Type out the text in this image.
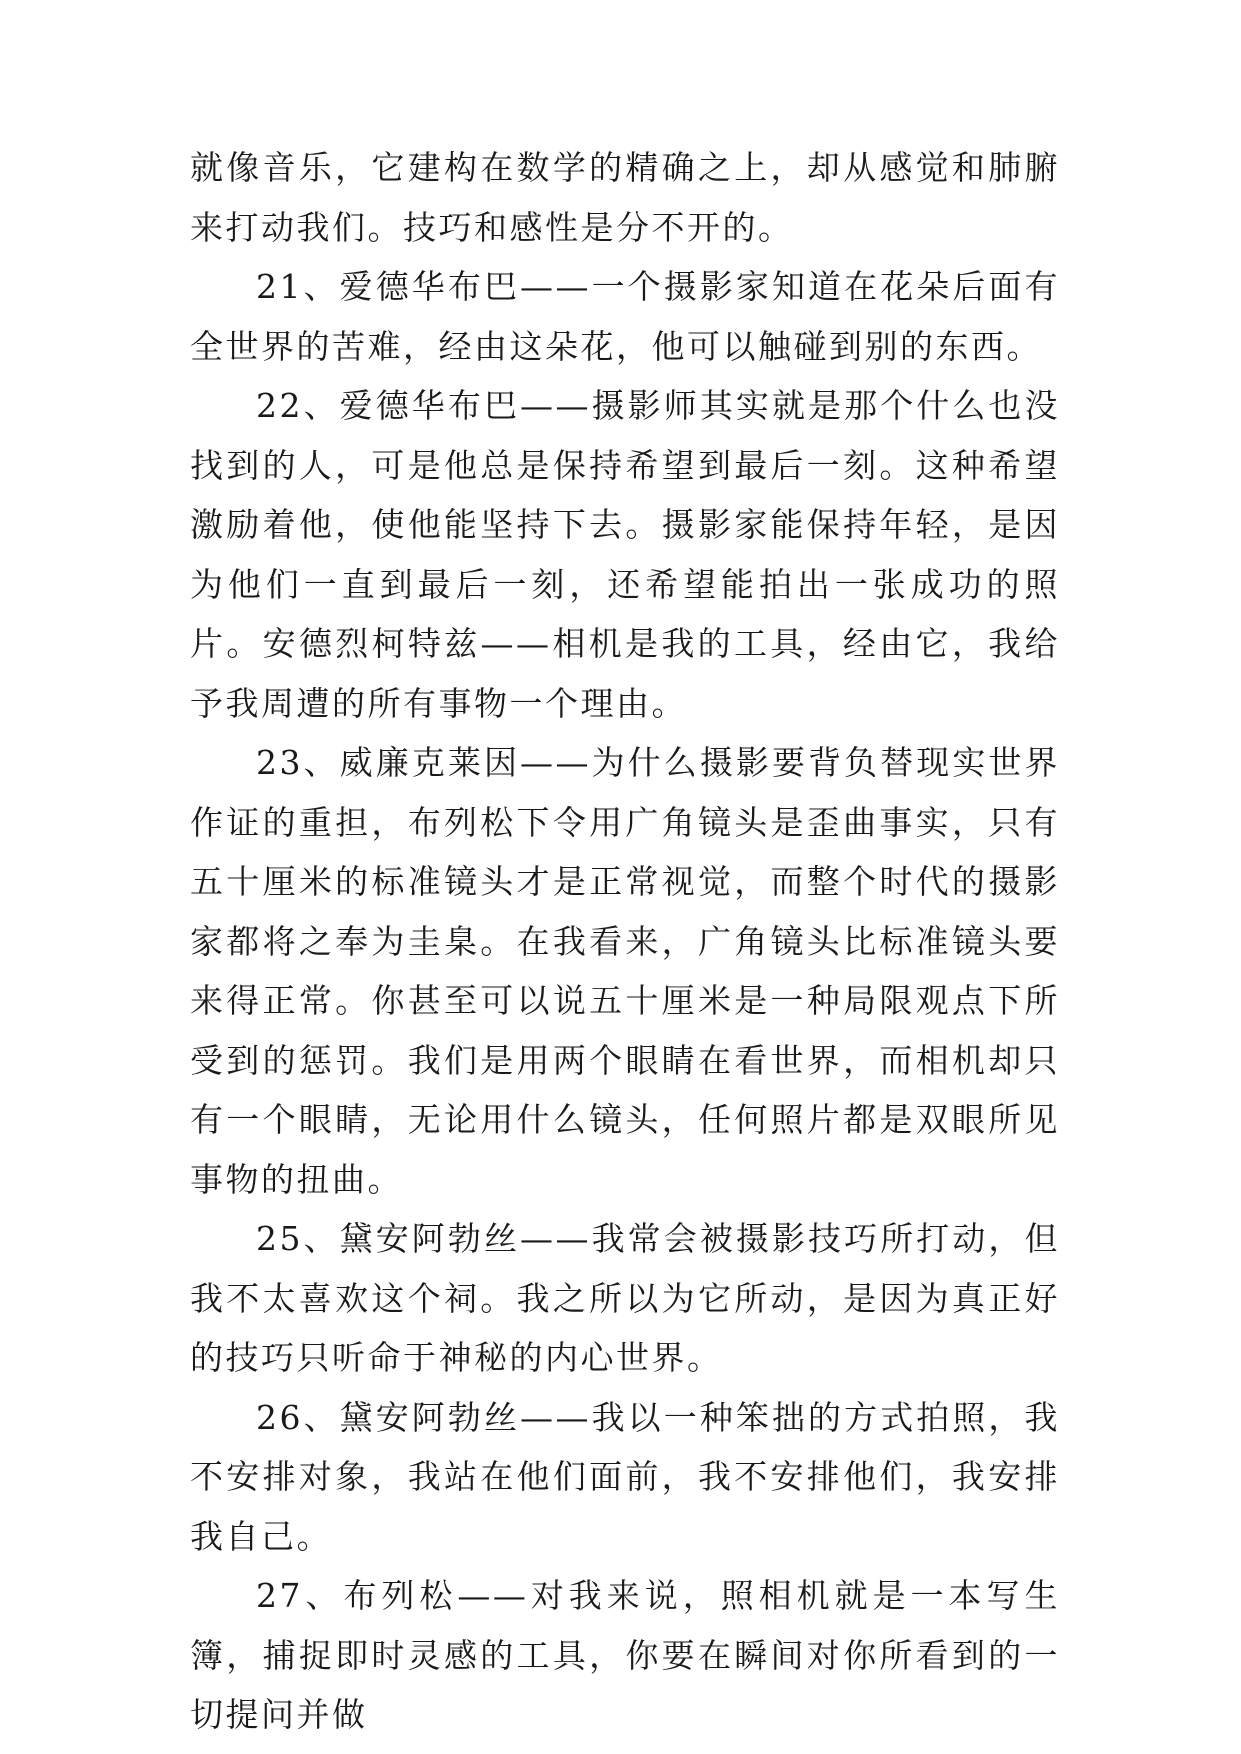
就像音乐，它建构在数学的精确之上，却从感觉和肺腑来打动我们。技巧和感性是分不开的。

21、爱德华布巴——一个摄影家知道在花朵后面有全世界的苦难，经由这朵花，他可以触碰到别的东西。

22、爱德华布巴——摄影师其实就是那个什么也没找到的人，可是他总是保持希望到最后一刻。这种希望激励着他，使他能坚持下去。摄影家能保持年轻，是因为他们一直到最后一刻，还希望能拍出一张成功的照片。安德烈柯特兹——相机是我的工具，经由它，我给予我周遭的所有事物一个理由。

23、威廉克莱因——为什么摄影要背负替现实世界作证的重担，布列松下令用广角镜头是歪曲事实，只有五十厘米的标准镜头才是正常视觉，而整个时代的摄影家都将之奉为圭臬。在我看来，广角镜头比标准镜头要来得正常。你甚至可以说五十厘米是一种局限观点下所受到的惩罚。我们是用两个眼睛在看世界，而相机却只有一个眼睛，无论用什么镜头，任何照片都是双眼所见事物的扭曲。

25、黛安阿勃丝——我常会被摄影技巧所打动，但我不太喜欢这个祠。我之所以为它所动，是因为真正好的技巧只听命于神秘的内心世界。

26、黛安阿勃丝——我以一种笨拙的方式拍照，我不安排对象，我站在他们面前，我不安排他们，我安排我自己。

27、布列松——对我来说，照相机就是一本写生簿，捕捉即时灵感的工具，你要在瞬间对你所看到的一切提问并做
